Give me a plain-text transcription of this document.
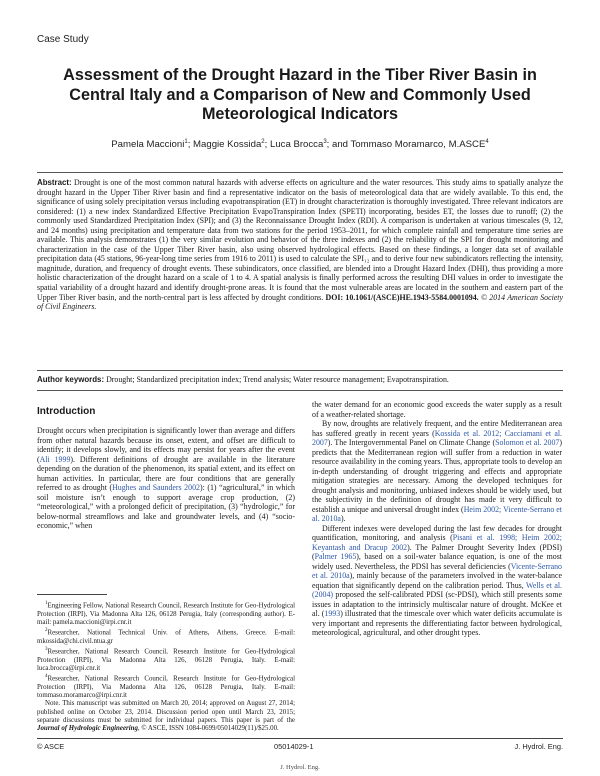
Case Study
Assessment of the Drought Hazard in the Tiber River Basin in Central Italy and a Comparison of New and Commonly Used Meteorological Indicators
Pamela Maccioni$^1$; Maggie Kossida$^2$; Luca Brocca$^3$; and Tommaso Moramarco, M.ASCE$^4$
Abstract: Drought is one of the most common natural hazards with adverse effects on agriculture and the water resources. This study aims to spatially analyze the drought hazard in the Upper Tiber River basin and find a representative indicator on the basis of meteorological data that are widely available. To this end, the significance of using solely precipitation versus including evapotranspiration (ET) in drought characterization is thoroughly investigated. Three relevant indicators are considered: (1) a new index Standardized Effective Precipitation EvapoTranspiration Index (SPETI) incorporating, besides ET, the losses due to runoff; (2) the commonly used Standardized Precipitation Index (SPI); and (3) the Reconnaissance Drought Index (RDI). A comparison is undertaken at various timescales (9, 12, and 24 months) using precipitation and temperature data from two stations for the period 1953–2011, for which complete rainfall and temperature time series are available. This analysis demonstrates (1) the very similar evolution and behavior of the three indexes and (2) the reliability of the SPI for drought monitoring and characterization in the case of the Upper Tiber River basin, also using observed hydrological effects. Based on these findings, a longer data set of available precipitation data (45 stations, 96-year-long time series from 1916 to 2011) is used to calculate the SPI₁₂ and to derive four new subindicators reflecting the intensity, magnitude, duration, and frequency of drought events. These subindicators, once classified, are blended into a Drought Hazard Index (DHI), thus providing a more holistic characterization of the drought hazard on a scale of 1 to 4. A spatial analysis is finally performed across the resulting DHI values in order to investigate the spatial variability of a drought hazard and identify drought-prone areas. It is found that the most vulnerable areas are located in the southern and eastern part of the Upper Tiber River basin, and the north-central part is less affected by drought conditions. DOI: 10.1061/(ASCE)HE.1943-5584.0001094. © 2014 American Society of Civil Engineers.
Author keywords: Drought; Standardized precipitation index; Trend analysis; Water resource management; Evapotranspiration.
Introduction

Drought occurs when precipitation is significantly lower than average and differs from other natural hazards because its onset, extent, and offset are difficult to identify; it develops slowly, and its effects may persist for years after the event (Ali 1999). Different definitions of drought are available in the literature depending on the duration of the phenomenon, its spatial extent, and its effect on human activities. In particular, there are four conditions that are generally referred to as drought (Hughes and Saunders 2002): (1) “agricultural,” in which soil moisture isn’t enough to support average crop production, (2) “meteorological,” with a prolonged deficit of precipitation, (3) “hydrologic,” for below-normal streamflows and lake and groundwater levels, and (4) “socio-economic,” when

$^1$Engineering Fellow, National Research Council, Research Institute for Geo-Hydrological Protection (IRPI), Via Madonna Alta 126, 06128 Perugia, Italy (corresponding author). E-mail: pamela.maccioni@irpi.cnr.it

$^2$Researcher, National Technical Univ. of Athens, Athens, Greece. E-mail: mkossida@chi.civil.ntua.gr

$^3$Researcher, National Research Council, Research Institute for Geo-Hydrological Protection (IRPI), Via Madonna Alta 126, 06128 Perugia, Italy. E-mail: luca.brocca@irpi.cnr.it

$^4$Researcher, National Research Council, Research Institute for Geo-Hydrological Protection (IRPI), Via Madonna Alta 126, 06128 Perugia, Italy. E-mail: tommaso.moramarco@irpi.cnr.it

Note. This manuscript was submitted on March 20, 2014; approved on August 27, 2014; published online on October 23, 2014. Discussion period open until March 23, 2015; separate discussions must be submitted for individual papers. This paper is part of the Journal of Hydrologic Engineering, © ASCE, ISSN 1084-0699/05014029(11)/$25.00.

the water demand for an economic good exceeds the water supply as a result of a weather-related shortage.

By now, droughts are relatively frequent, and the entire Mediterranean area has suffered greatly in recent years (Kossida et al. 2012; Cacciamani et al. 2007). The Intergovernmental Panel on Climate Change (Solomon et al. 2007) predicts that the Mediterranean region will suffer from a reduction in water resource availability in the coming years. Thus, appropriate tools to develop an in-depth understanding of drought triggering and effects and appropriate mitigation strategies are necessary. Among the developed techniques for drought analysis and monitoring, unbiased indexes should be widely used, but the subjectivity in the definition of drought has made it very difficult to establish a unique and universal drought index (Heim 2002; Vicente-Serrano et al. 2010a).

Different indexes were developed during the last few decades for drought quantification, monitoring, and analysis (Pisani et al. 1998; Heim 2002; Keyantash and Dracup 2002). The Palmer Drought Severity Index (PDSI) (Palmer 1965), based on a soil-water balance equation, is one of the most widely used. Nevertheless, the PDSI has several deficiencies (Vicente-Serrano et al. 2010a), mainly because of the parameters involved in the water-balance equation that significantly depend on the calibration period. Thus, Wells et al. (2004) proposed the self-calibrated PDSI (sc-PDSI), which still presents some issues in adaptation to the intrinsicly multiscalar nature of drought. McKee et al. (1993) illustrated that the timescale over which water deficits accumulate is very important and represents the differentiating factor between hydrological, meteorological, agricultural, and other drought types.

© ASCE	05014029-1	J. Hydrol. Eng.
J. Hydrol. Eng.
